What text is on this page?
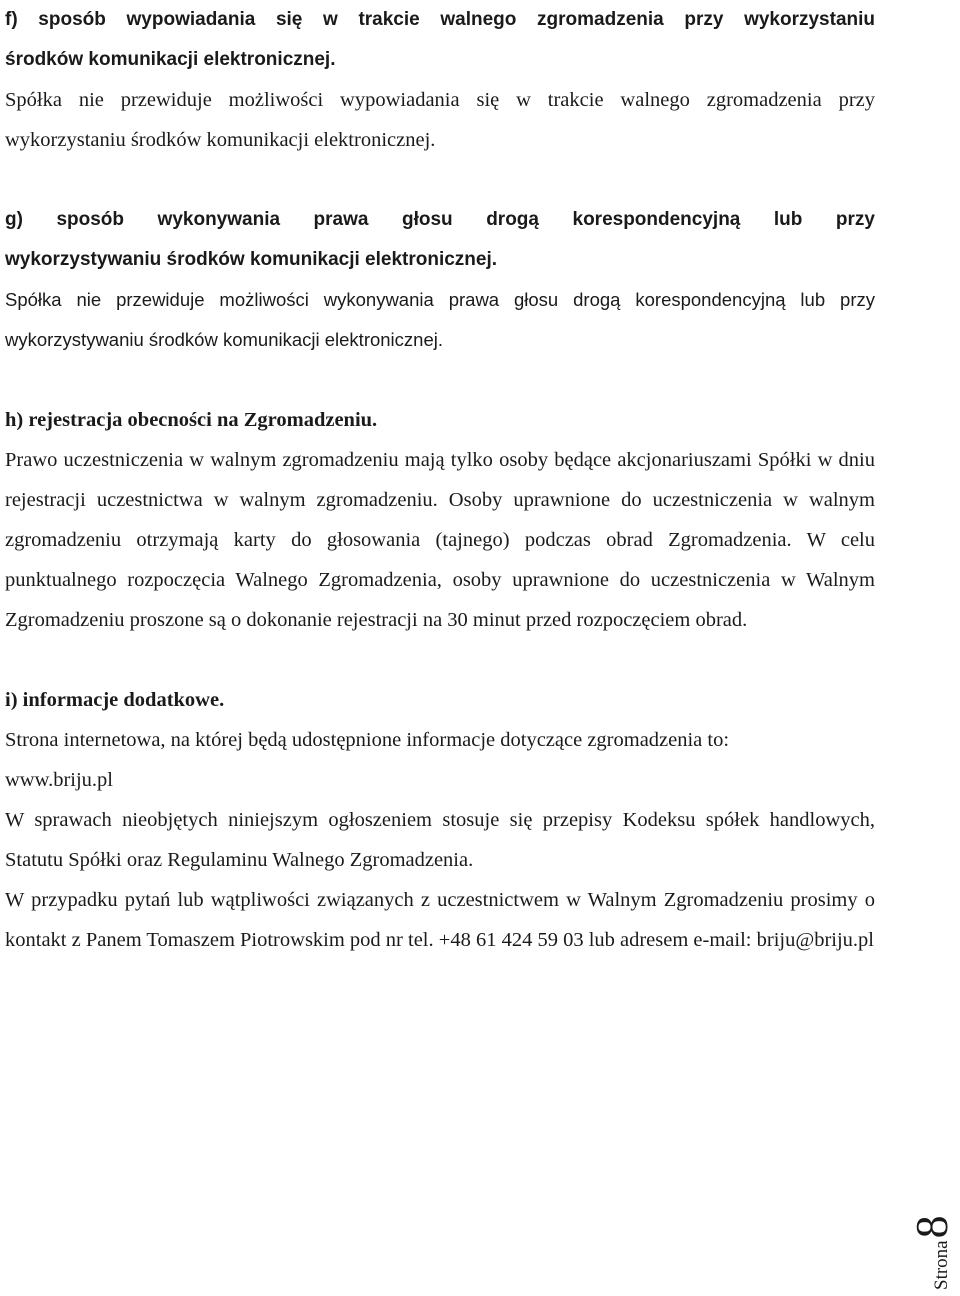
f) sposób wypowiadania się w trakcie walnego zgromadzenia przy wykorzystaniu

środków komunikacji elektronicznej.

Spółka nie przewiduje możliwości wypowiadania się w trakcie walnego zgromadzenia przy wykorzystaniu środków komunikacji elektronicznej.

g) sposób wykonywania prawa głosu drogą korespondencyjną lub przy

wykorzystywaniu środków komunikacji elektronicznej.

Spółka nie przewiduje możliwości wykonywania prawa głosu drogą korespondencyjną lub przy wykorzystywaniu środków komunikacji elektronicznej.

h) rejestracja obecności na Zgromadzeniu.

Prawo uczestniczenia w walnym zgromadzeniu mają tylko osoby będące akcjonariuszami Spółki w dniu rejestracji uczestnictwa w walnym zgromadzeniu. Osoby uprawnione do uczestniczenia w walnym zgromadzeniu otrzymają karty do głosowania (tajnego) podczas obrad Zgromadzenia. W celu punktualnego rozpoczęcia Walnego Zgromadzenia, osoby uprawnione do uczestniczenia w Walnym Zgromadzeniu proszone są o dokonanie rejestracji na 30 minut przed rozpoczęciem obrad.

i) informacje dodatkowe.

Strona internetowa, na której będą udostępnione informacje dotyczące zgromadzenia to:

www.briju.pl

W sprawach nieobjętych niniejszym ogłoszeniem stosuje się przepisy Kodeksu spółek handlowych, Statutu Spółki oraz Regulaminu Walnego Zgromadzenia.

W przypadku pytań lub wątpliwości związanych z uczestnictwem w Walnym Zgromadzeniu prosimy o kontakt z Panem Tomaszem Piotrowskim pod nr tel. +48 61 424 59 03 lub adresem e-mail: briju@briju.pl

Strona8
